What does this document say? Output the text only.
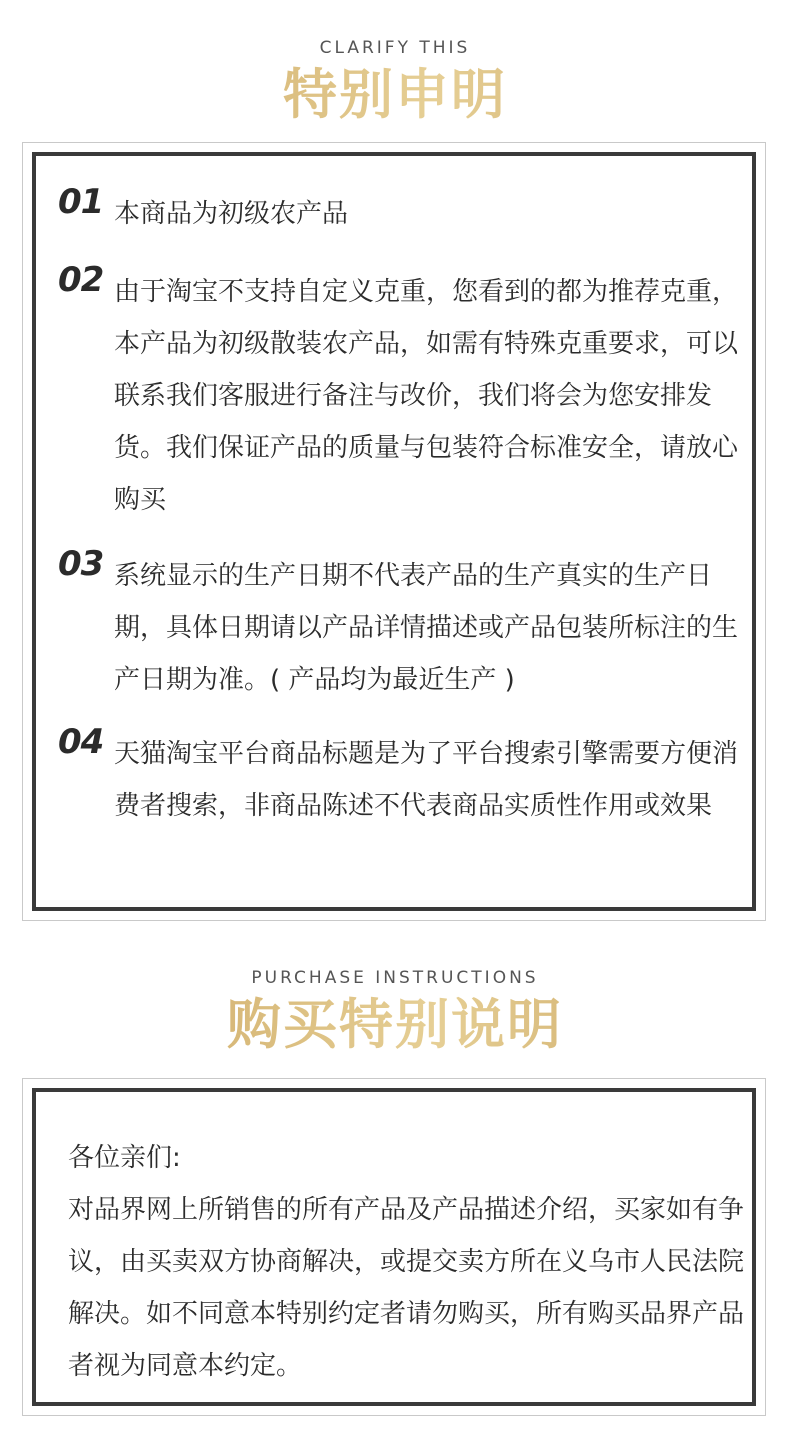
CLARIFY THIS
特别申明
01 本商品为初级农产品
02 由于淘宝不支持自定义克重，您看到的都为推荐克重，本产品为初级散装农产品，如需有特殊克重要求，可以联系我们客服进行备注与改价，我们将会为您安排发货。我们保证产品的质量与包装符合标准安全，请放心购买
03 系统显示的生产日期不代表产品的生产真实的生产日期，具体日期请以产品详情描述或产品包装所标注的生产日期为准。( 产品均为最近生产 )
04 天猫淘宝平台商品标题是为了平台搜索引擎需要方便消费者搜索，非商品陈述不代表商品实质性作用或效果
PURCHASE INSTRUCTIONS
购买特别说明
各位亲们:
对品界网上所销售的所有产品及产品描述介绍，买家如有争议，由买卖双方协商解决，或提交卖方所在义乌市人民法院解决。如不同意本特别约定者请勿购买，所有购买品界产品者视为同意本约定。
